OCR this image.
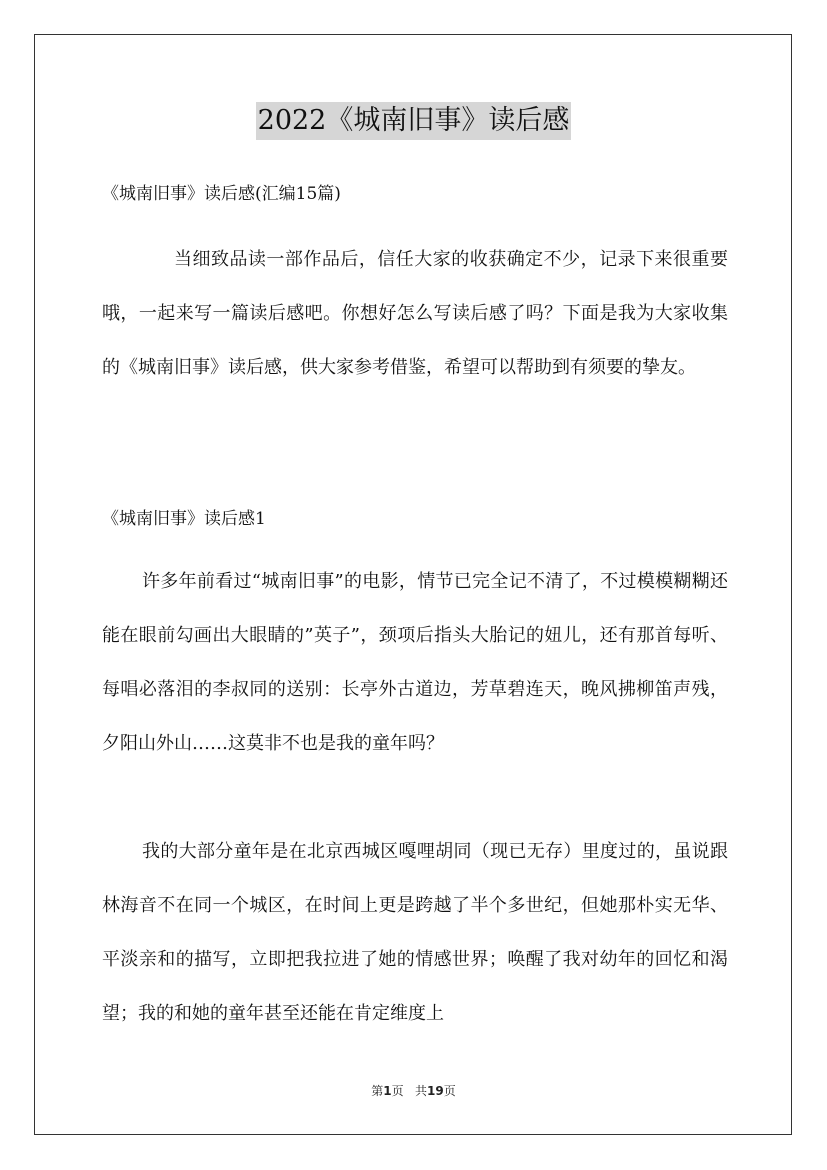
2022《城南旧事》读后感

《城南旧事》读后感(汇编15篇)

当细致品读一部作品后，信任大家的收获确定不少，记录下来很重要哦，一起来写一篇读后感吧。你想好怎么写读后感了吗？下面是我为大家收集的《城南旧事》读后感，供大家参考借鉴，希望可以帮助到有须要的挚友。

《城南旧事》读后感1

许多年前看过“城南旧事”的电影，情节已完全记不清了，不过模模糊糊还能在眼前勾画出大眼睛的”英子”，颈项后指头大胎记的妞儿，还有那首每听、每唱必落泪的李叔同的送别：长亭外古道边，芳草碧连天，晚风拂柳笛声残，夕阳山外山……这莫非不也是我的童年吗？

我的大部分童年是在北京西城区嘎哩胡同（现已无存）里度过的，虽说跟林海音不在同一个城区，在时间上更是跨越了半个多世纪，但她那朴实无华、平淡亲和的描写，立即把我拉进了她的情感世界；唤醒了我对幼年的回忆和渴望；我的和她的童年甚至还能在肯定维度上

第1页   共19页
